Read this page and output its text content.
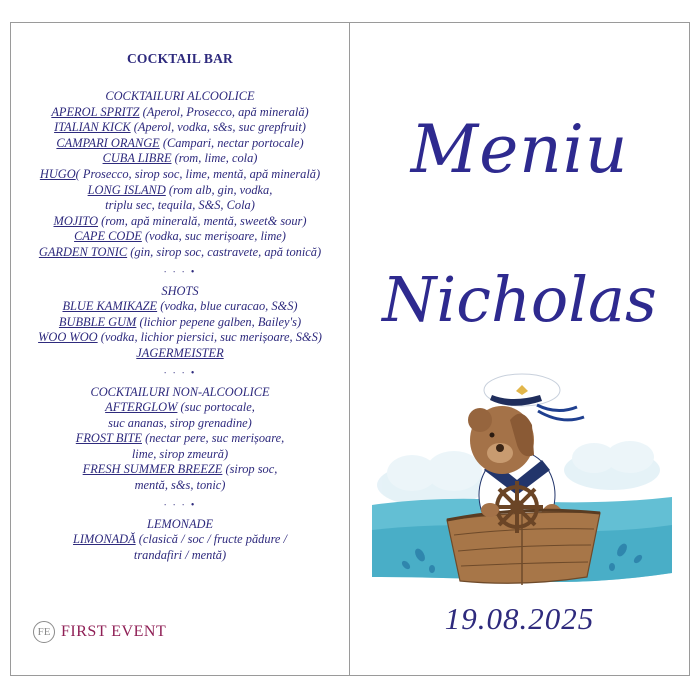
COCKTAIL BAR
COCKTAILURI ALCOOLICE
APEROL SPRITZ (Aperol, Prosecco, apă minerală)
ITALIAN KICK (Aperol, vodka, s&s, suc grepfruit)
CAMPARI ORANGE (Campari, nectar portocale)
CUBA LIBRE (rom, lime, cola)
HUGO( Prosecco, sirop soc, lime, mentă, apă minerală)
LONG ISLAND (rom alb, gin, vodka,
triplu sec, tequila, S&S, Cola)
MOJITO (rom, apă minerală, mentă, sweet& sour)
CAPE CODE (vodka, suc merișoare, lime)
GARDEN TONIC (gin, sirop soc, castravete, apă tonică)
∙ ∙ ∙ •
SHOTS
BLUE KAMIKAZE (vodka, blue curacao, S&S)
BUBBLE GUM (lichior pepene galben, Bailey's)
WOO WOO (vodka, lichior piersici, suc merișoare, S&S)
JAGERMEISTER
∙ ∙ ∙ •
COCKTAILURI NON-ALCOOLICE
AFTERGLOW (suc portocale,
suc ananas, sirop grenadine)
FROST BITE (nectar pere, suc merișoare,
lime, sirop zmeură)
FRESH SUMMER BREEZE (sirop soc,
mentă, s&s, tonic)
∙ ∙ ∙ •
LEMONADE
LIMONADĂ (clasică / soc / fructe pădure /
trandafiri / mentă)
FE FIRST EVENT
Meniu
Nicholas
19.08.2025
